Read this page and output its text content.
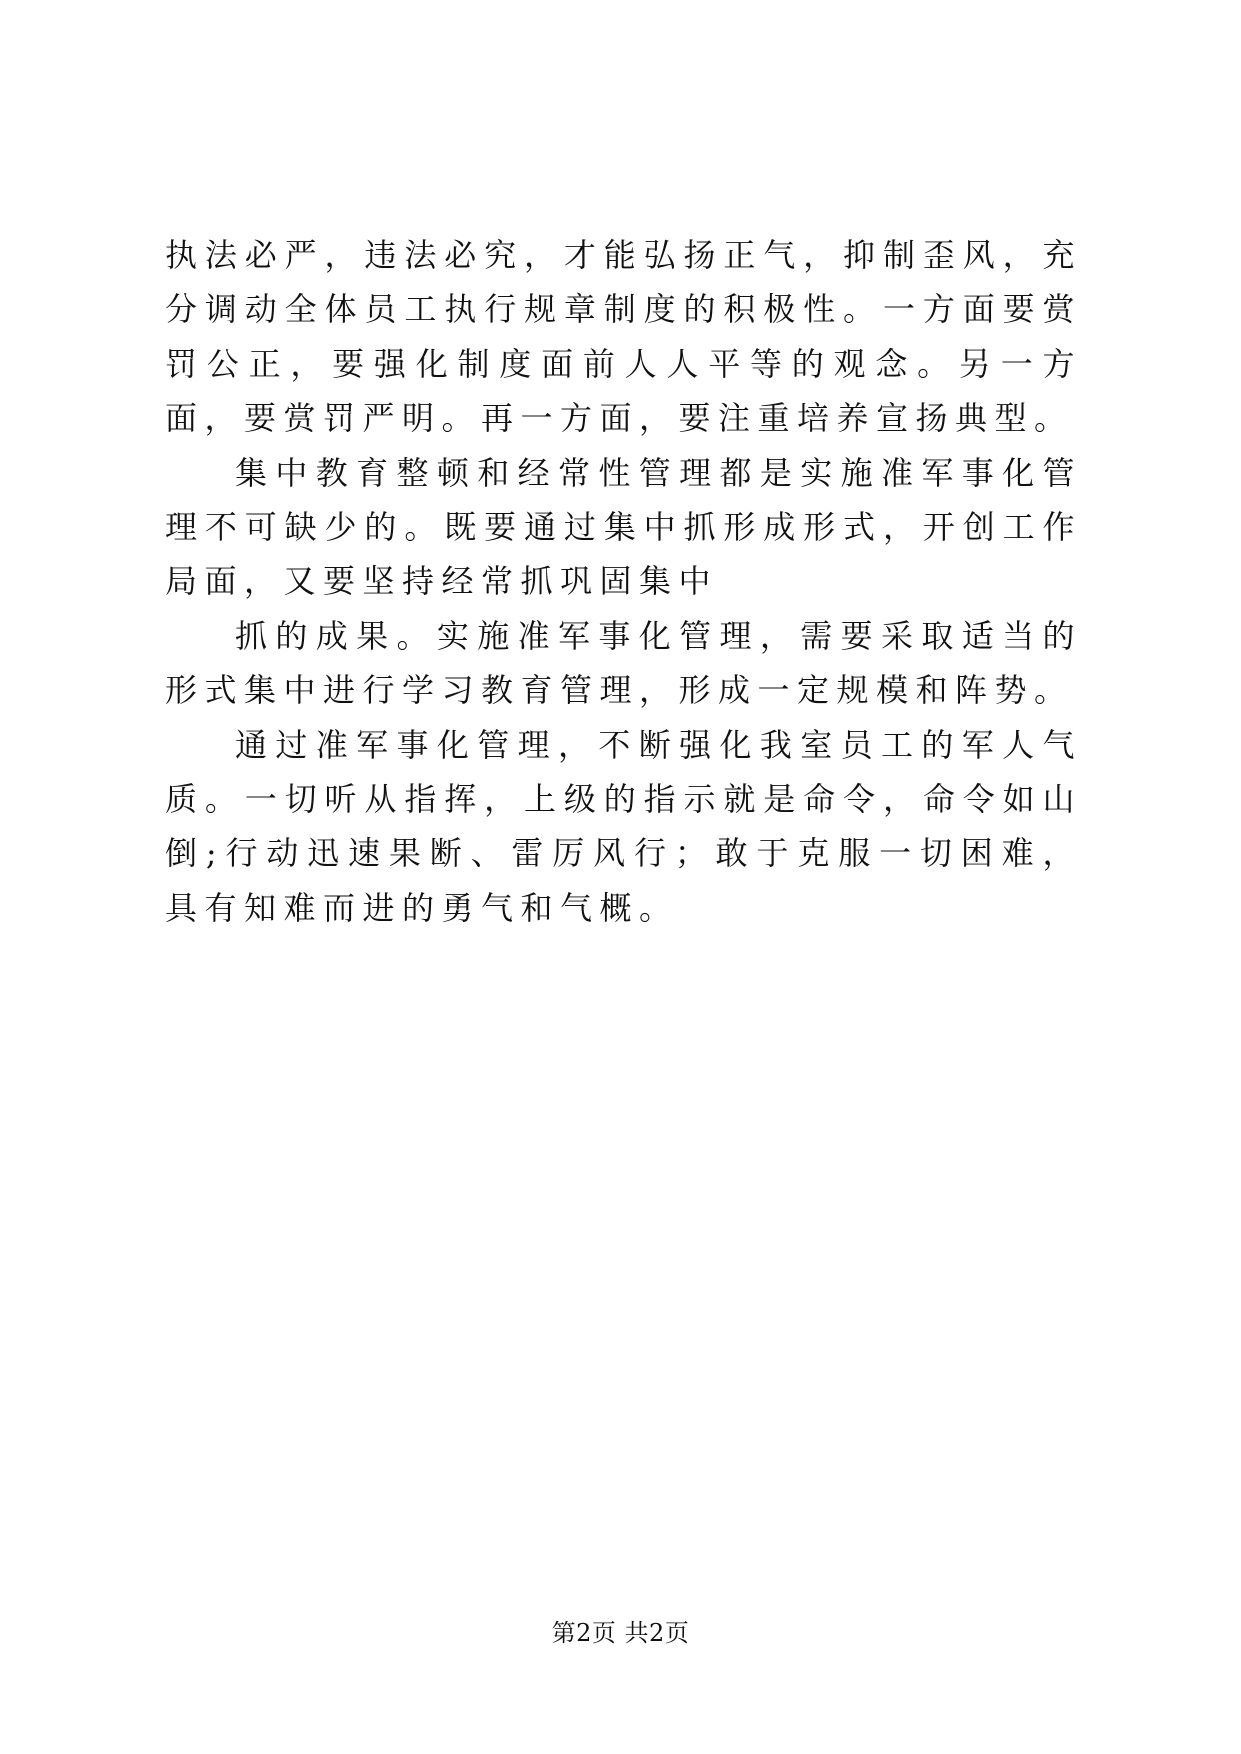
执法必严，违法必究，才能弘扬正气，抑制歪风，充分调动全体员工执行规章制度的积极性。一方面要赏罚公正，要强化制度面前人人平等的观念。另一方面，要赏罚严明。再一方面，要注重培养宣扬典型。

集中教育整顿和经常性管理都是实施准军事化管理不可缺少的。既要通过集中抓形成形式，开创工作局面，又要坚持经常抓巩固集中

抓的成果。实施准军事化管理，需要采取适当的形式集中进行学习教育管理，形成一定规模和阵势。

通过准军事化管理，不断强化我室员工的军人气质。一切听从指挥，上级的指示就是命令，命令如山倒;行动迅速果断、雷厉风行；敢于克服一切困难，具有知难而进的勇气和气概。

第2页 共2页
